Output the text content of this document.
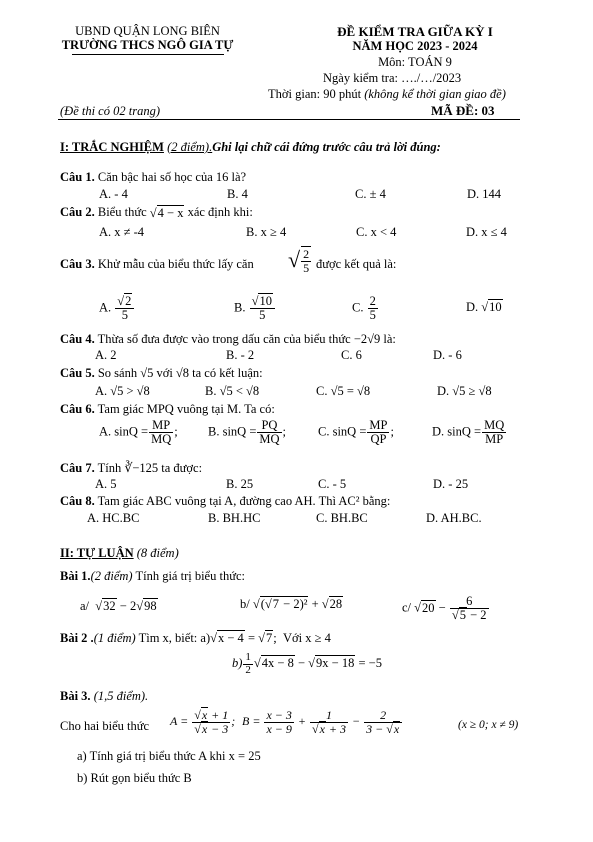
UBND QUẬN LONG BIÊN
TRƯỜNG THCS NGÔ GIA TỰ
ĐỀ KIỂM TRA GIỮA KỲ I
NĂM HỌC 2023 - 2024
Môn: TOÁN 9
Ngày kiểm tra: …./…/2023
Thời gian: 90 phút (không kể thời gian giao đề)
(Đề thi có 02 trang)	MÃ ĐỀ: 03
I: TRẮC NGHIỆM (2 điểm).Ghi lại chữ cái đứng trước câu trả lời đúng:
Câu 1. Căn bậc hai số học của 16 là?
A. - 4	B. 4	C. ± 4	D. 144
Câu 2. Biểu thức √4 − x xác định khi:
A. x ≠ -4	B. x ≥ 4	C. x < 4	D. x ≤ 4
Câu 3. Khử mẫu của biểu thức lấy căn √ $\frac{2}{5}$ được kết quả là:
A. $\frac{√2}{5}$	B. $\frac{√10}{5}$	C. $\frac{2}{5}$	D. √10
Câu 4. Thừa số đưa được vào trong dấu căn của biểu thức −2√9 là:
A. 2	B. - 2	C. 6	D. - 6
Câu 5. So sánh √5 với √8 ta có kết luận:
A. √5 > √8	B. √5 < √8	C. √5 = √8	D. √5 ≥ √8
Câu 6. Tam giác MPQ vuông tại M. Ta có:
A. $\sin Q = \frac{MP}{MQ}$ ; B. $\sin Q = \frac{PQ}{MQ}$ ;	C. $\sin Q = \frac{MP}{QP}$ ;	D. $\sin Q = \frac{MQ}{MP}$
Câu 7. Tính ∛−125 ta được:
A. 5	B. 25	C. - 5	D. - 25
Câu 8. Tam giác ABC vuông tại A, đường cao AH. Thì AC² bằng:
A. HC.BC	B. BH.HC	C. BH.BC	D. AH.BC.
II: TỰ LUẬN (8 điểm)
Bài 1.(2 điểm) Tính giá trị biểu thức:
a/  √32 − 2√98	b/ √(√7 − 2)² + √28	c/ $√20 - \frac{6}{√5 - 2}$
Bài 2 .(1 điểm) Tìm x, biết: a)√x − 4 = √7; Với x ≥ 4
$b) \frac{1}{2} √4x - 8 - √9x - 18 = -5$
Bài 3. (1,5 điểm).
Cho hai biểu thức $A = \frac{√x + 1}{√x - 3}$ ; $B = \frac{x - 3}{x - 9} + \frac{1}{√x + 3} - \frac{2}{3 - √x}$	(x ≥ 0; x ≠ 9)
a) Tính giá trị biểu thức A khi x = 25
b) Rút gọn biểu thức B
